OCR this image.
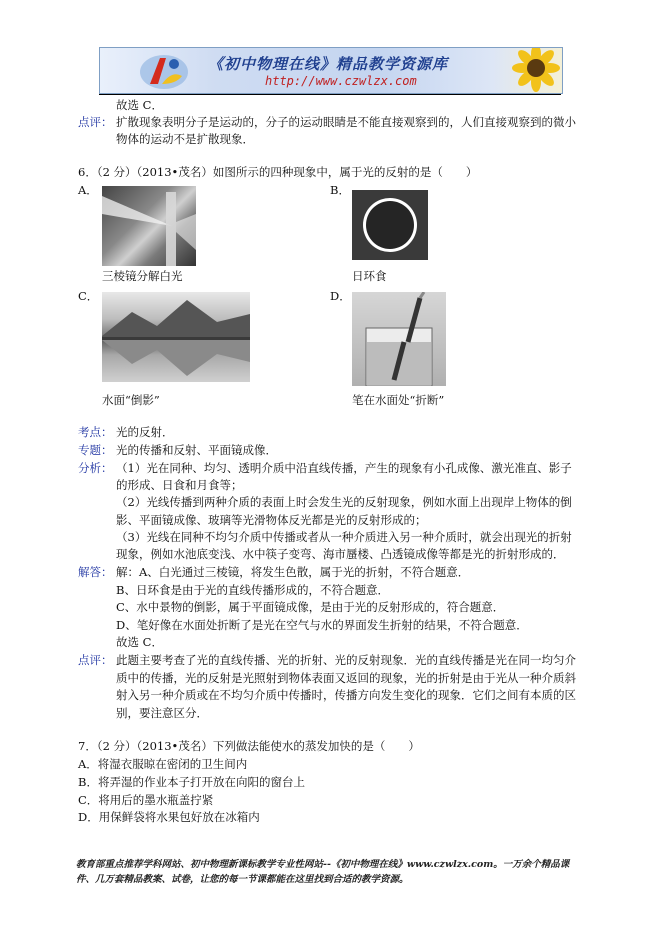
《初中物理在线》精品教学资源库
http://www.czwlzx.com
故选 C．
点评： 扩散现象表明分子是运动的，分子的运动眼睛是不能直接观察到的，人们直接观察到的微小
物体的运动不是扩散现象．
6．（2 分）（2013•茂名）如图所示的四种现象中，属于光的反射的是（　　）
A．
三棱镜分解白光
B．
日环食
C．
水面“倒影”
D．
笔在水面处“折断”
考点： 光的反射．
专题： 光的传播和反射、平面镜成像．
分析： （1）光在同种、均匀、透明介质中沿直线传播，产生的现象有小孔成像、激光准直、影子
的形成、日食和月食等；
（2）光线传播到两种介质的表面上时会发生光的反射现象，例如水面上出现岸上物体的倒
影、平面镜成像、玻璃等光滑物体反光都是光的反射形成的；
（3）光线在同种不均匀介质中传播或者从一种介质进入另一种介质时，就会出现光的折射
现象，例如水池底变浅、水中筷子变弯、海市蜃楼、凸透镜成像等都是光的折射形成的．
解答： 解：A、白光通过三棱镜，将发生色散，属于光的折射，不符合题意．
B、日环食是由于光的直线传播形成的，不符合题意．
C、水中景物的倒影，属于平面镜成像，是由于光的反射形成的，符合题意．
D、笔好像在水面处折断了是光在空气与水的界面发生折射的结果，不符合题意．
故选 C．
点评： 此题主要考查了光的直线传播、光的折射、光的反射现象．光的直线传播是光在同一均匀介
质中的传播，光的反射是光照射到物体表面又返回的现象，光的折射是由于光从一种介质斜
射入另一种介质或在不均匀介质中传播时，传播方向发生变化的现象．它们之间有本质的区
别，要注意区分．
7．（2 分）（2013•茂名）下列做法能使水的蒸发加快的是（　　）
A．将湿衣服晾在密闭的卫生间内
B．将弄湿的作业本子打开放在向阳的窗台上
C．将用后的墨水瓶盖拧紧
D．用保鲜袋将水果包好放在冰箱内
教育部重点推荐学科网站、初中物理新课标教学专业性网站--《初中物理在线》www.czwlzx.com。一万余个精品课
件、几万套精品教案、试卷，让您的每一节课都能在这里找到合适的教学资源。
